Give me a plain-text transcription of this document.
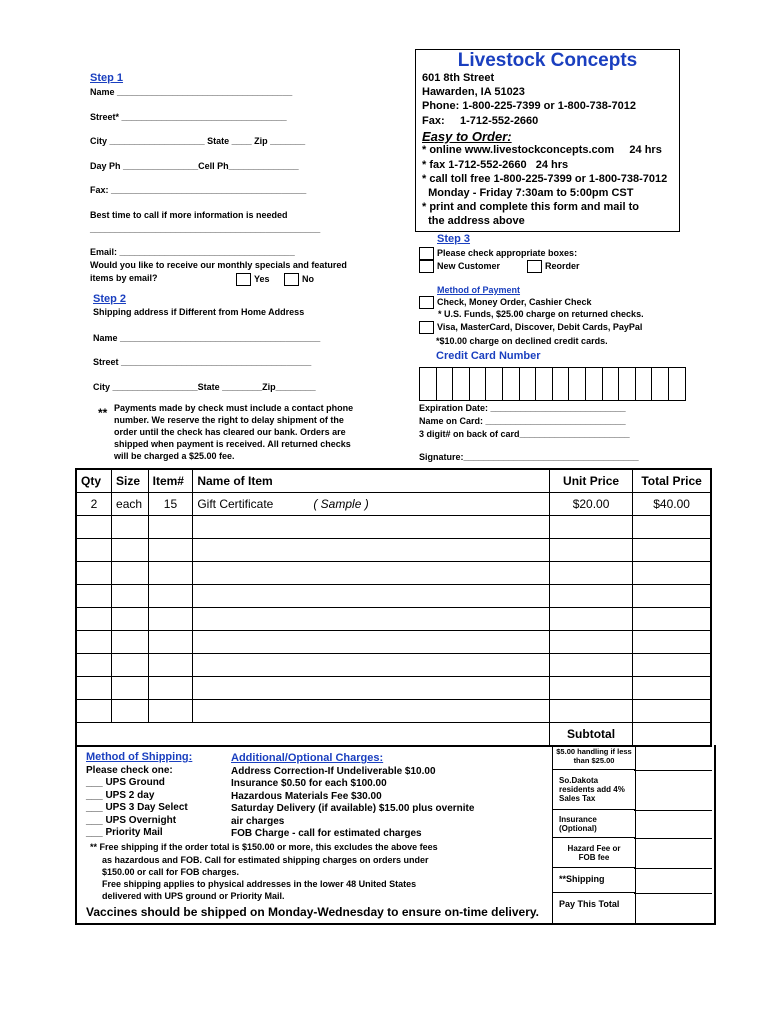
Livestock Concepts
601 8th Street
Hawarden, IA 51023
Phone: 1-800-225-7399 or 1-800-738-7012
Fax: 1-712-552-2660
Easy to Order:
* online www.livestockconcepts.com     24 hrs
* fax 1-712-552-2660   24 hrs
* call toll free 1-800-225-7399 or 1-800-738-7012
Monday - Friday 7:30am to 5:00pm CST
* print and complete this form and mail to
the address above
Step 1
Name ___________________________________
Street* _________________________________
City ___________________ State ____ Zip _______
Day Ph _______________Cell Ph______________
Fax: _______________________________________
Best time to call if more information is needed
______________________________________________
Email: ___________________________________
Would you like to receive our monthly specials and featured
items by email?	Yes	No
Step 2
Shipping address if Different from Home Address
Name ________________________________________
Street ______________________________________
City _________________State ________Zip________
** Payments made by check must include a contact phone
number. We reserve the right to delay shipment of the
order until the check has cleared our bank. Orders are
shipped when payment is received. All returned checks
will be charged a $25.00 fee.
Step 3
Please check appropriate boxes:
New Customer	Reorder
Method of Payment
Check, Money Order, Cashier Check
* U.S. Funds, $25.00 charge on returned checks.
Visa, MasterCard, Discover, Debit Cards, PayPal
*$10.00 charge on declined credit cards.
Credit Card Number
Expiration Date: ___________________________
Name on Card: ____________________________
3 digit# on back of card______________________
Signature:___________________________________
Qty	Size	Item#	Name of Item	Unit Price	Total Price
2	each	15	Gift Certificate ( Sample )	$20.00	$40.00

				Subtotal	
Method of Shipping:
Please check one:
___ UPS Ground
___ UPS 2 day
___ UPS 3 Day Select
___ UPS Overnight
___ Priority Mail
Additional/Optional Charges:
Address Correction-If Undeliverable $10.00
Insurance $0.50 for each $100.00
Hazardous Materials Fee $30.00
Saturday Delivery (if available) $15.00 plus overnite
air charges
FOB Charge - call for estimated charges
** Free shipping if the order total is $150.00 or more, this excludes the above fees
as hazardous and FOB. Call for estimated shipping charges on orders under
$150.00 or call for FOB charges.
Free shipping applies to physical addresses in the lower 48 United States
delivered with UPS ground or Priority Mail.
Vaccines should be shipped on Monday-Wednesday to ensure on-time delivery.
$5.00 handling if less than $25.00
So.Dakota residents add 4% Sales Tax
Insurance (Optional)
Hazard Fee or FOB fee
**Shipping
Pay This Total
